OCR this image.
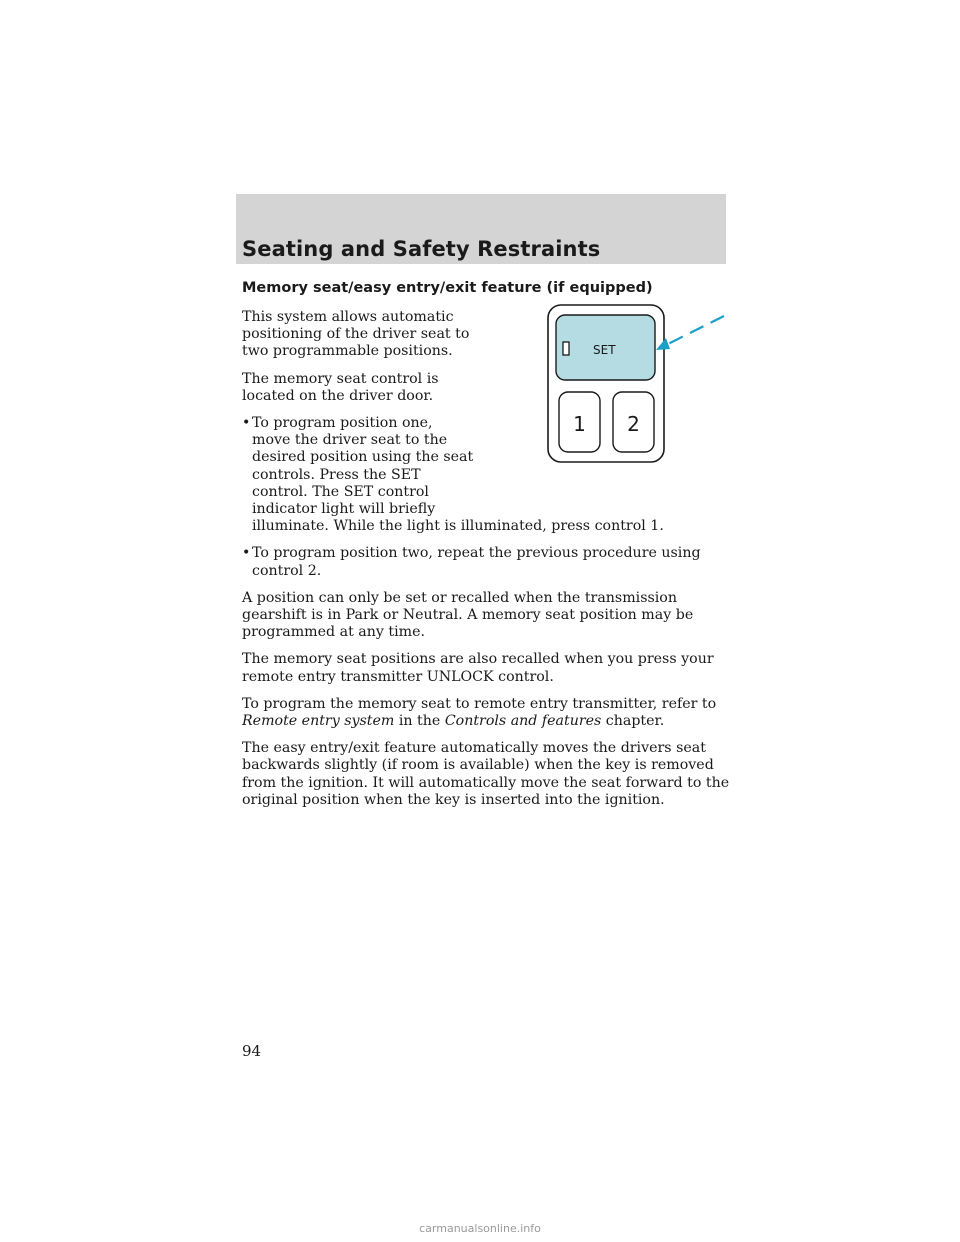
Seating and Safety Restraints
Memory seat/easy entry/exit feature (if equipped)

This system allows automatic positioning of the driver seat to two programmable positions.

The memory seat control is located on the driver door.

• To program position one, move the driver seat to the desired position using the seat controls. Press the SET control. The SET control indicator light will briefly
illuminate. While the light is illuminated, press control 1.
• To program position two, repeat the previous procedure using control 2.

A position can only be set or recalled when the transmission gearshift is in Park or Neutral. A memory seat position may be programmed at any time.

The memory seat positions are also recalled when you press your remote entry transmitter UNLOCK control.

To program the memory seat to remote entry transmitter, refer to Remote entry system in the Controls and features chapter.

The easy entry/exit feature automatically moves the drivers seat backwards slightly (if room is available) when the key is removed from the ignition. It will automatically move the seat forward to the original position when the key is inserted into the ignition.

SET
1 2

94

carmanualsonline.info
